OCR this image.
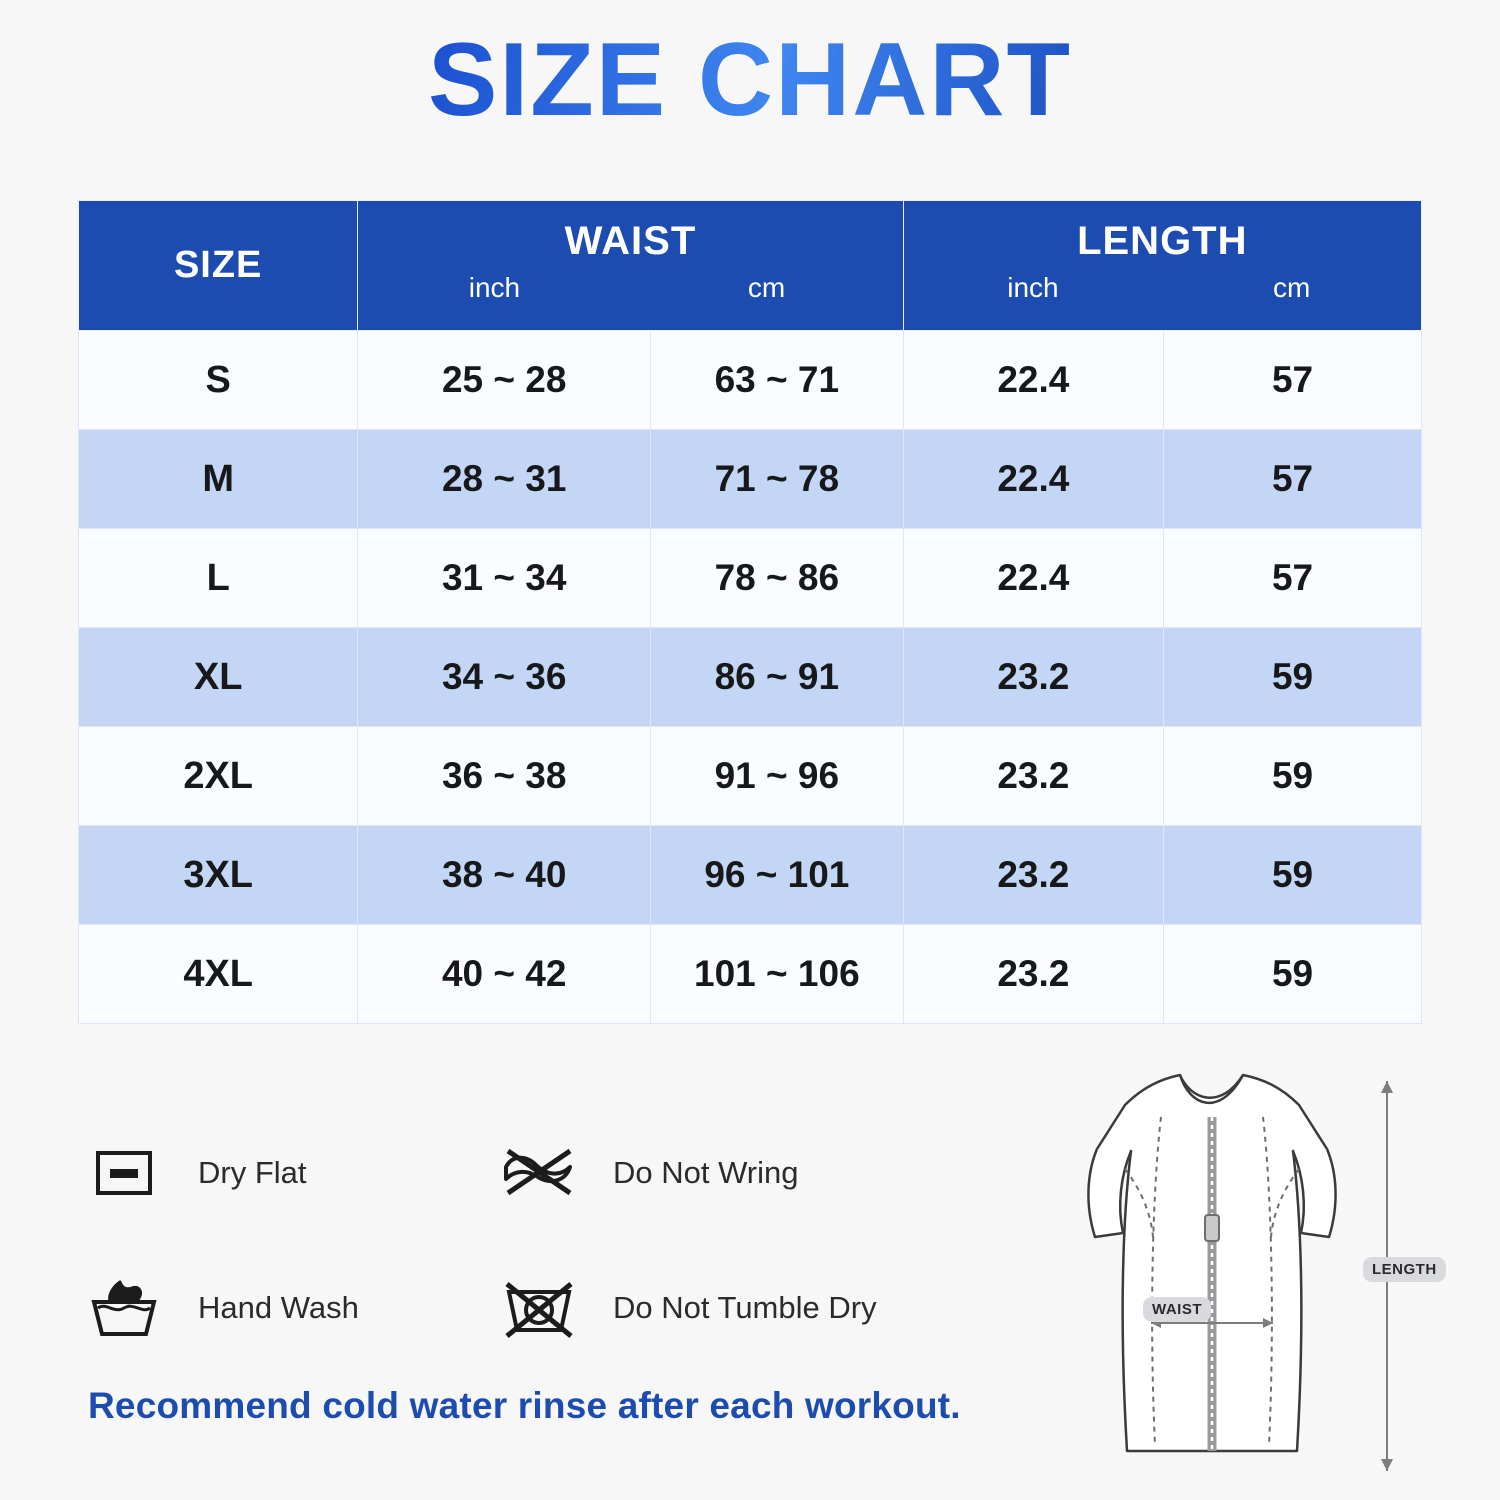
SIZE CHART
SIZE	
WAIST
inch	cm

LENGTH
inch	cm

S	25 ~ 28	63 ~ 71	22.4	57
M	28 ~ 31	71 ~ 78	22.4	57
L	31 ~ 34	78 ~ 86	22.4	57
XL	34 ~ 36	86 ~ 91	23.2	59
2XL	36 ~ 38	91 ~ 96	23.2	59
3XL	38 ~ 40	96 ~ 101	23.2	59
4XL	40 ~ 42	101 ~ 106	23.2	59
Dry Flat	Do Not Wring
Hand Wash	Do Not Tumble Dry
Recommend cold water rinse after each workout.
WAIST
LENGTH
